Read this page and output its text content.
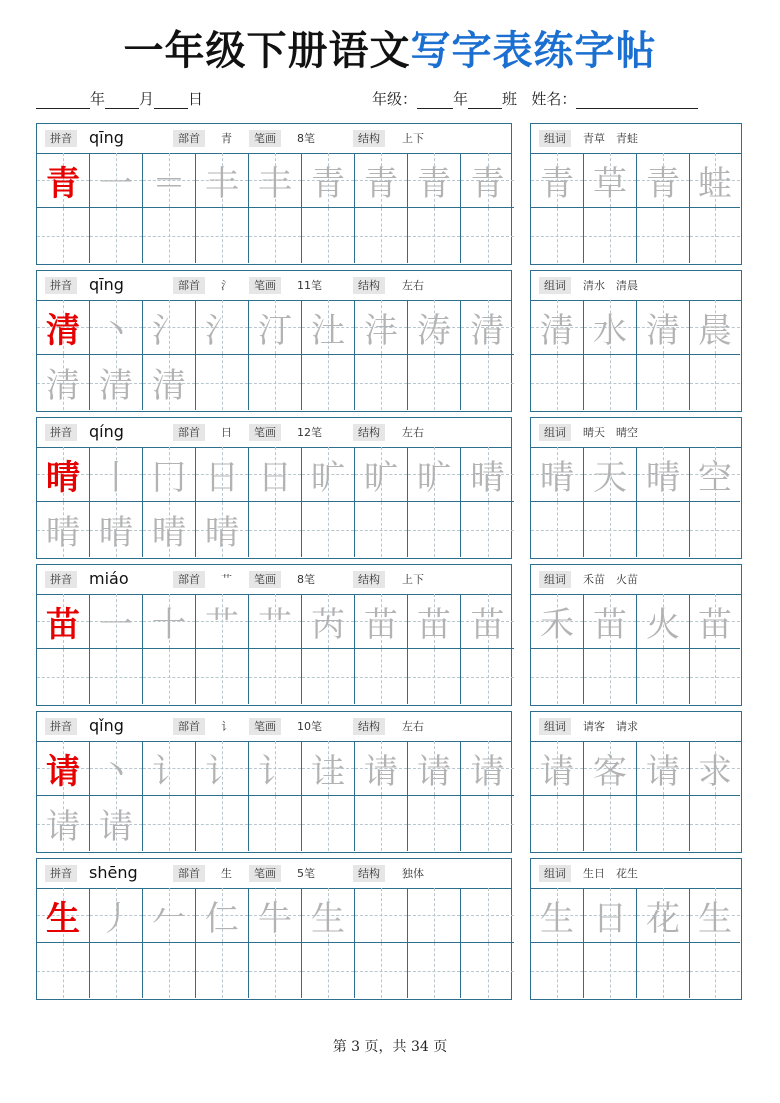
一年级下册语文写字表练字帖
年 月 日	年级： 年 班 姓名：
拼音	qīng	部首	青	笔画	8笔	结构	上下
青 一 ＝ 丰 丰 青 青 青 青
组词	青草　青蛙
青 草 青 蛙
拼音	qīng	部首	氵	笔画	11笔	结构	左右
清 丶 氵 氵 汀 汢 沣 涛 清
清 清 清
组词	清水　清晨
清 水 清 晨
拼音	qíng	部首	日	笔画	12笔	结构	左右
晴 丨 冂 日 日 旷 旷 旷 晴
晴 晴 晴 晴
组词	晴天　晴空
晴 天 晴 空
拼音	miáo	部首	艹	笔画	8笔	结构	上下
苗 一 十 艹 艹 芮 苗 苗 苗
组词	禾苗　火苗
禾 苗 火 苗
拼音	qǐng	部首	讠	笔画	10笔	结构	左右
请 丶 讠 讠 讠 诖 请 请 请
请 请
组词	请客　请求
请 客 请 求
拼音	shēng	部首	生	笔画	5笔	结构	独体
生 丿 𠂉 仁 牛 生
组词	生日　花生
生 日 花 生
第 3 页，共 34 页
